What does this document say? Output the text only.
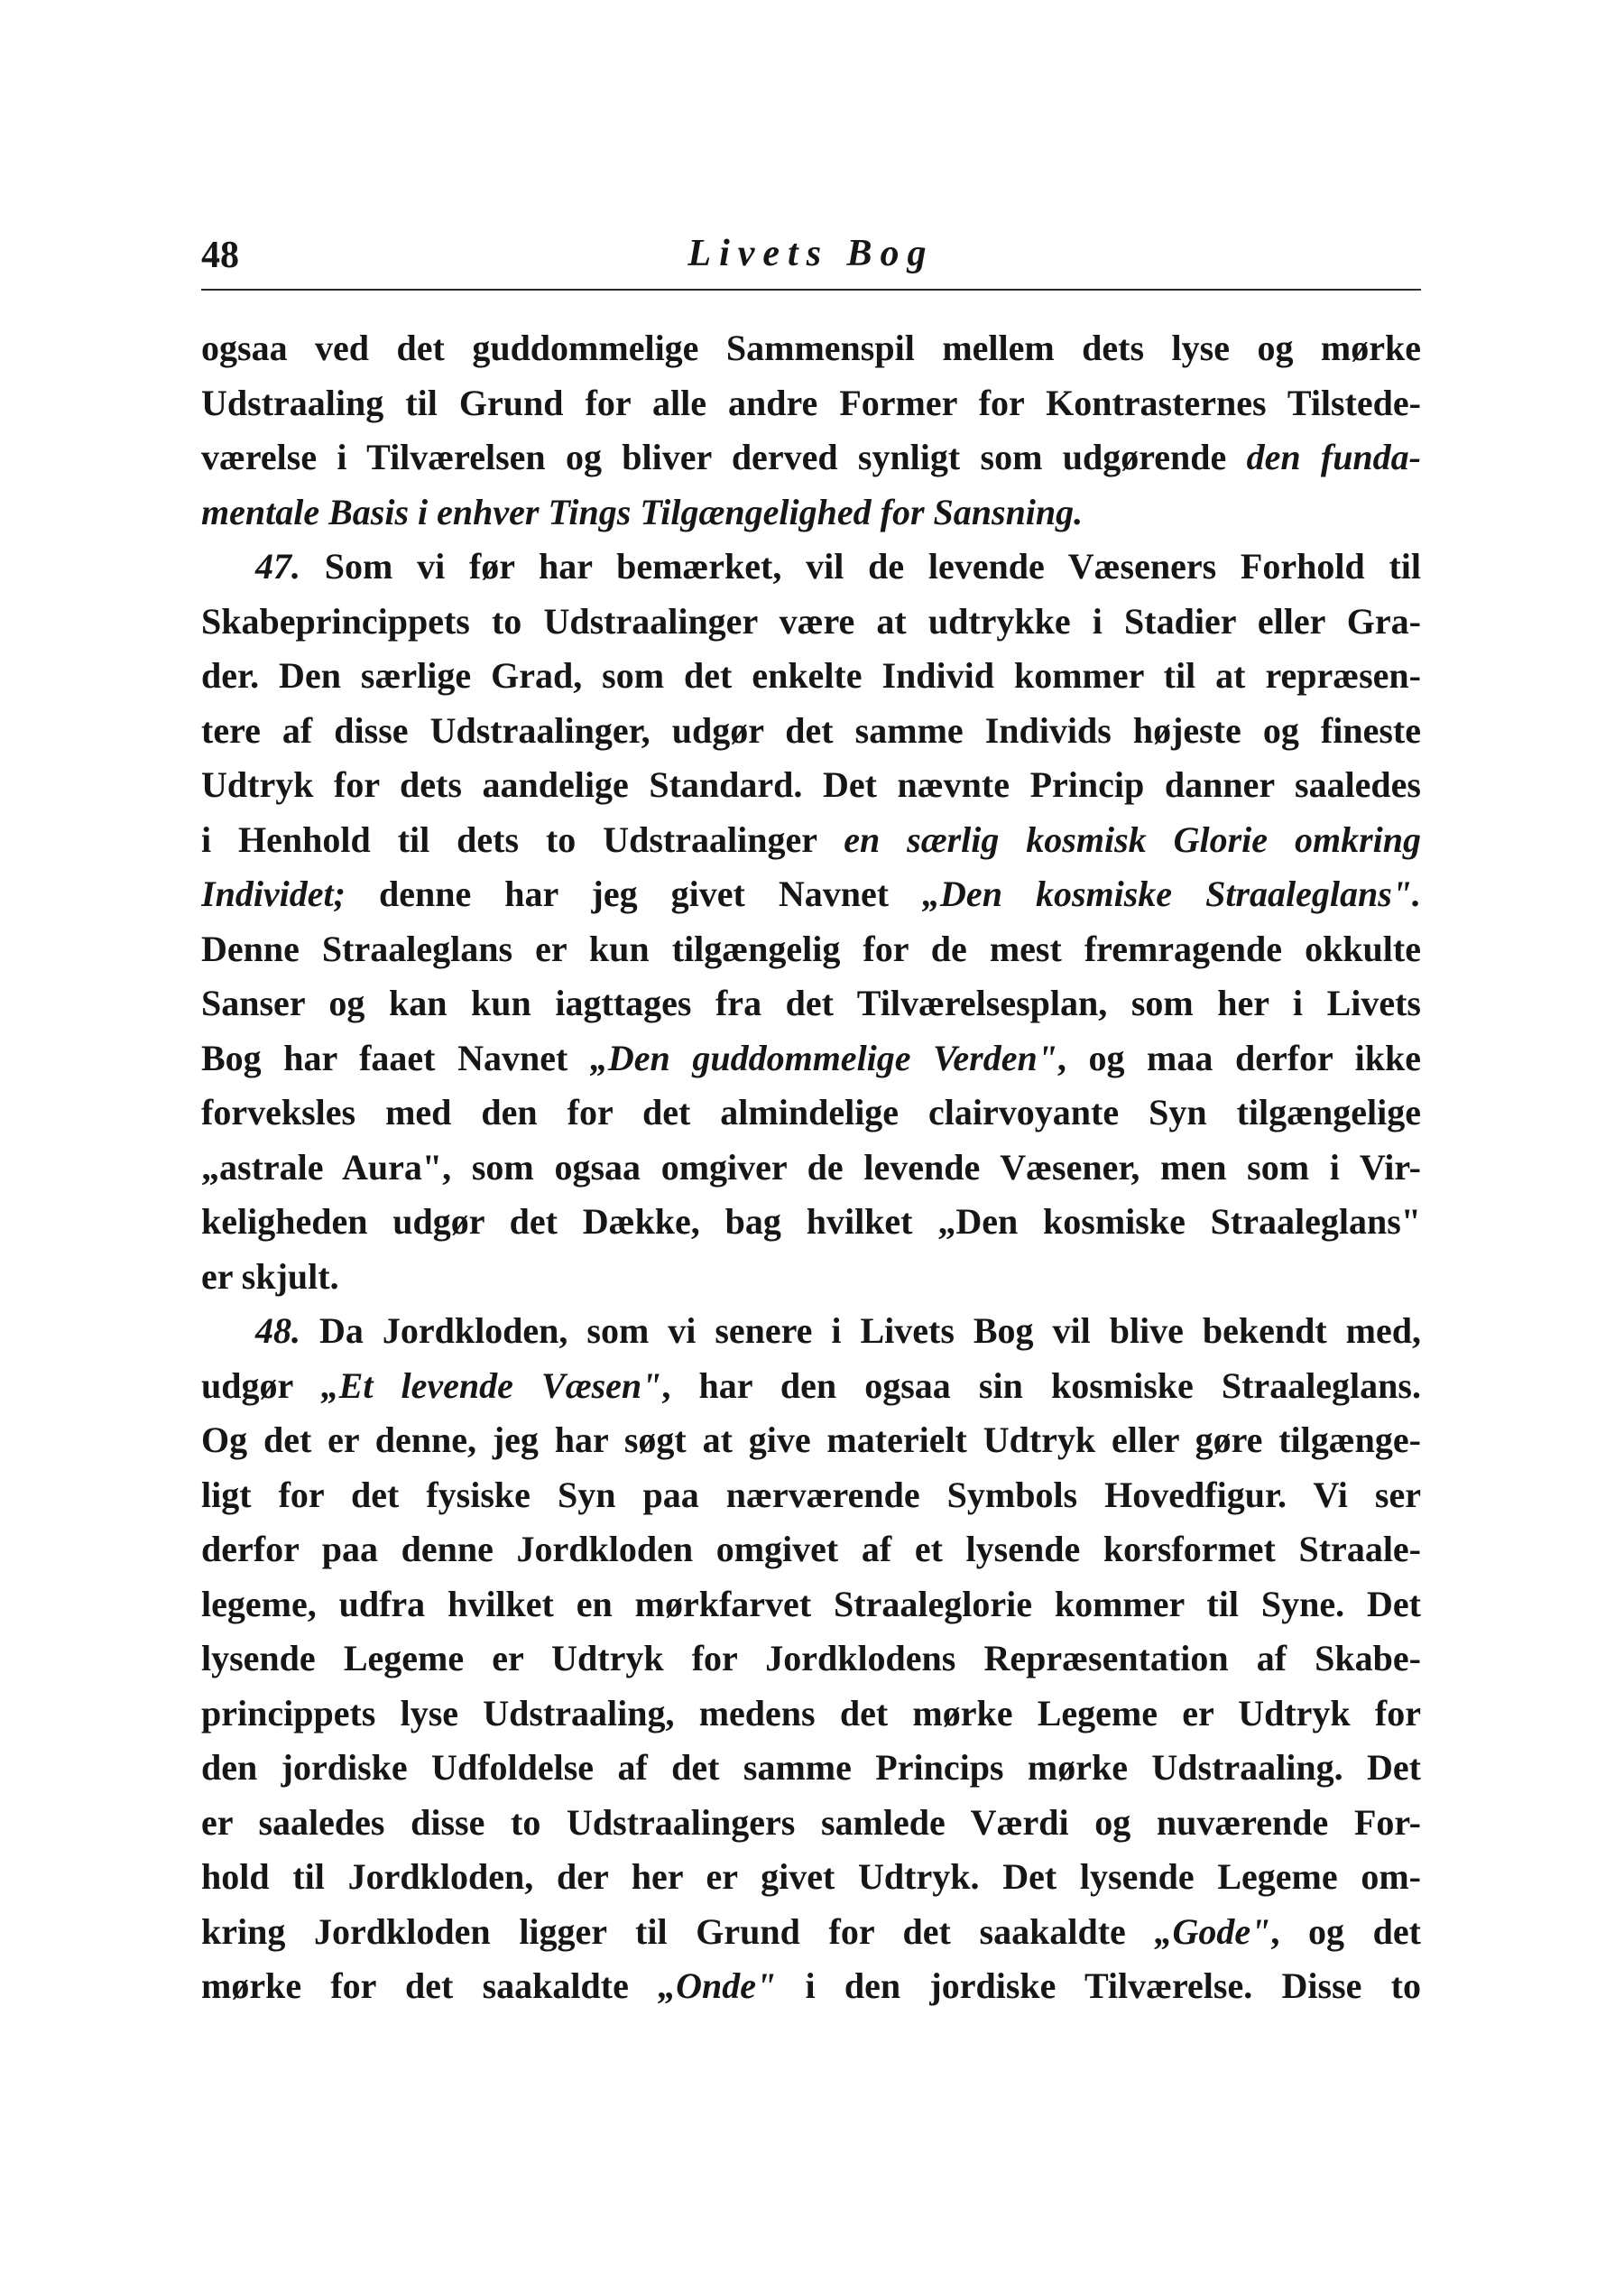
48	Livets Bog
ogsaa ved det guddommelige Sammenspil mellem dets lyse og mørke
Udstraaling til Grund for alle andre Former for Kontrasternes Tilstede-
værelse i Tilværelsen og bliver derved synligt som udgørende den funda-
mentale Basis i enhver Tings Tilgængelighed for Sansning.
47. Som vi før har bemærket, vil de levende Væseners Forhold til
Skabeprincippets to Udstraalinger være at udtrykke i Stadier eller Gra-
der. Den særlige Grad, som det enkelte Individ kommer til at repræsen-
tere af disse Udstraalinger, udgør det samme Individs højeste og fineste
Udtryk for dets aandelige Standard. Det nævnte Princip danner saaledes
i Henhold til dets to Udstraalinger en særlig kosmisk Glorie omkring
Individet; denne har jeg givet Navnet „Den kosmiske Straaleglans".
Denne Straaleglans er kun tilgængelig for de mest fremragende okkulte
Sanser og kan kun iagttages fra det Tilværelsesplan, som her i Livets
Bog har faaet Navnet „Den guddommelige Verden", og maa derfor ikke
forveksles med den for det almindelige clairvoyante Syn tilgængelige
„astrale Aura", som ogsaa omgiver de levende Væsener, men som i Vir-
keligheden udgør det Dække, bag hvilket „Den kosmiske Straaleglans"
er skjult.
48. Da Jordkloden, som vi senere i Livets Bog vil blive bekendt med,
udgør „Et levende Væsen", har den ogsaa sin kosmiske Straaleglans.
Og det er denne, jeg har søgt at give materielt Udtryk eller gøre tilgænge-
ligt for det fysiske Syn paa nærværende Symbols Hovedfigur. Vi ser
derfor paa denne Jordkloden omgivet af et lysende korsformet Straale-
legeme, udfra hvilket en mørkfarvet Straaleglorie kommer til Syne. Det
lysende Legeme er Udtryk for Jordklodens Repræsentation af Skabe-
princippets lyse Udstraaling, medens det mørke Legeme er Udtryk for
den jordiske Udfoldelse af det samme Princips mørke Udstraaling. Det
er saaledes disse to Udstraalingers samlede Værdi og nuværende For-
hold til Jordkloden, der her er givet Udtryk. Det lysende Legeme om-
kring Jordkloden ligger til Grund for det saakaldte „Gode", og det
mørke for det saakaldte „Onde" i den jordiske Tilværelse. Disse to
